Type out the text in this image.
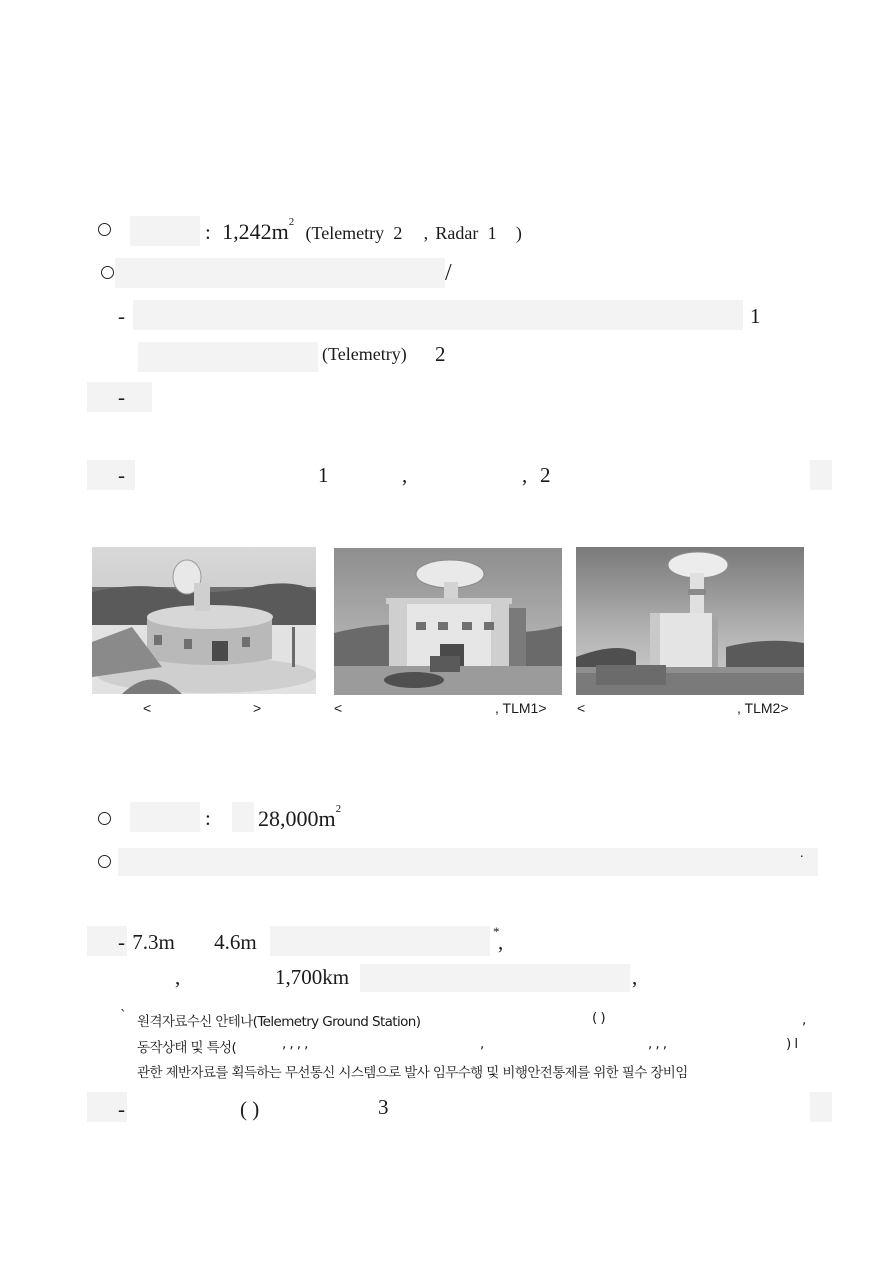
: $1,242m^2$ (Telemetry 2 , Radar 1 )
/
-	1
(Telemetry) 2
-
-	1	,	, 2
<	>	<	, TLM1> <	, TLM2>
: $28,000m^2$
.
- 7.3m 4.6m	*
,
,	1,700km	,
` 원격자료수신 안테나(Telemetry Ground Station)	( )	,
동작상태 및 특성(	, , , ,	,	, , ,	) l
관한 제반자료를 획득하는 무선통신 시스템으로 발사 임무수행 및 비행안전통제를 위한 필수 장비임
-	( )	3
